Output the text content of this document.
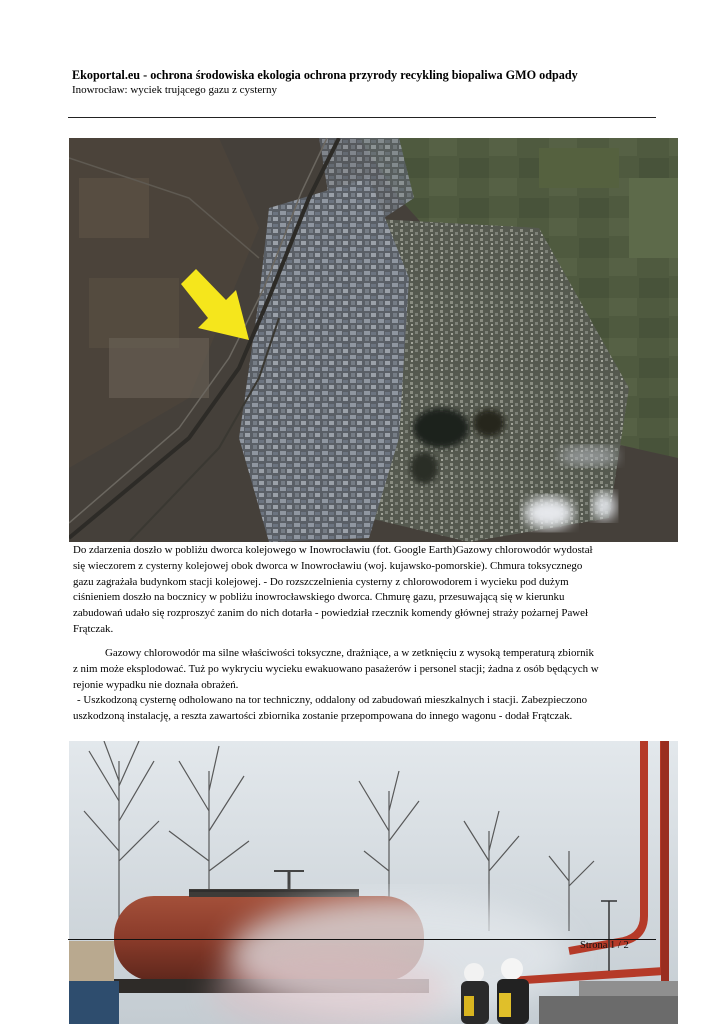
Ekoportal.eu - ochrona środowiska ekologia ochrona przyrody recykling biopaliwa GMO odpady
Inowrocław: wyciek trującego gazu z cysterny
Do zdarzenia doszło w pobliżu dworca kolejowego w Inowrocławiu (fot. Google Earth)Gazowy chlorowodór wydostał
się wieczorem z cysterny kolejowej obok dworca w Inowrocławiu (woj. kujawsko-pomorskie). Chmura toksycznego
gazu zagrażała budynkom stacji kolejowej. - Do rozszczelnienia cysterny z chlorowodorem i wycieku pod dużym
ciśnieniem doszło na bocznicy w pobliżu inowrocławskiego dworca. Chmurę gazu, przesuwającą się w kierunku
zabudowań udało się rozproszyć zanim do nich dotarła - powiedział rzecznik komendy głównej straży pożarnej Paweł
Frątczak.
Gazowy chlorowodór ma silne właściwości toksyczne, drażniące, a w zetknięciu z wysoką temperaturą zbiornik
z nim może eksplodować. Tuż po wykryciu wycieku ewakuowano pasażerów i personel stacji; żadna z osób będących w
rejonie wypadku nie doznała obrażeń.
- Uszkodzoną cysternę odholowano na tor techniczny, oddalony od zabudowań mieszkalnych i stacji. Zabezpieczono
uszkodzoną instalację, a reszta zawartości zbiornika zostanie przepompowana do innego wagonu - dodał Frątczak.
Strona 1 / 2
